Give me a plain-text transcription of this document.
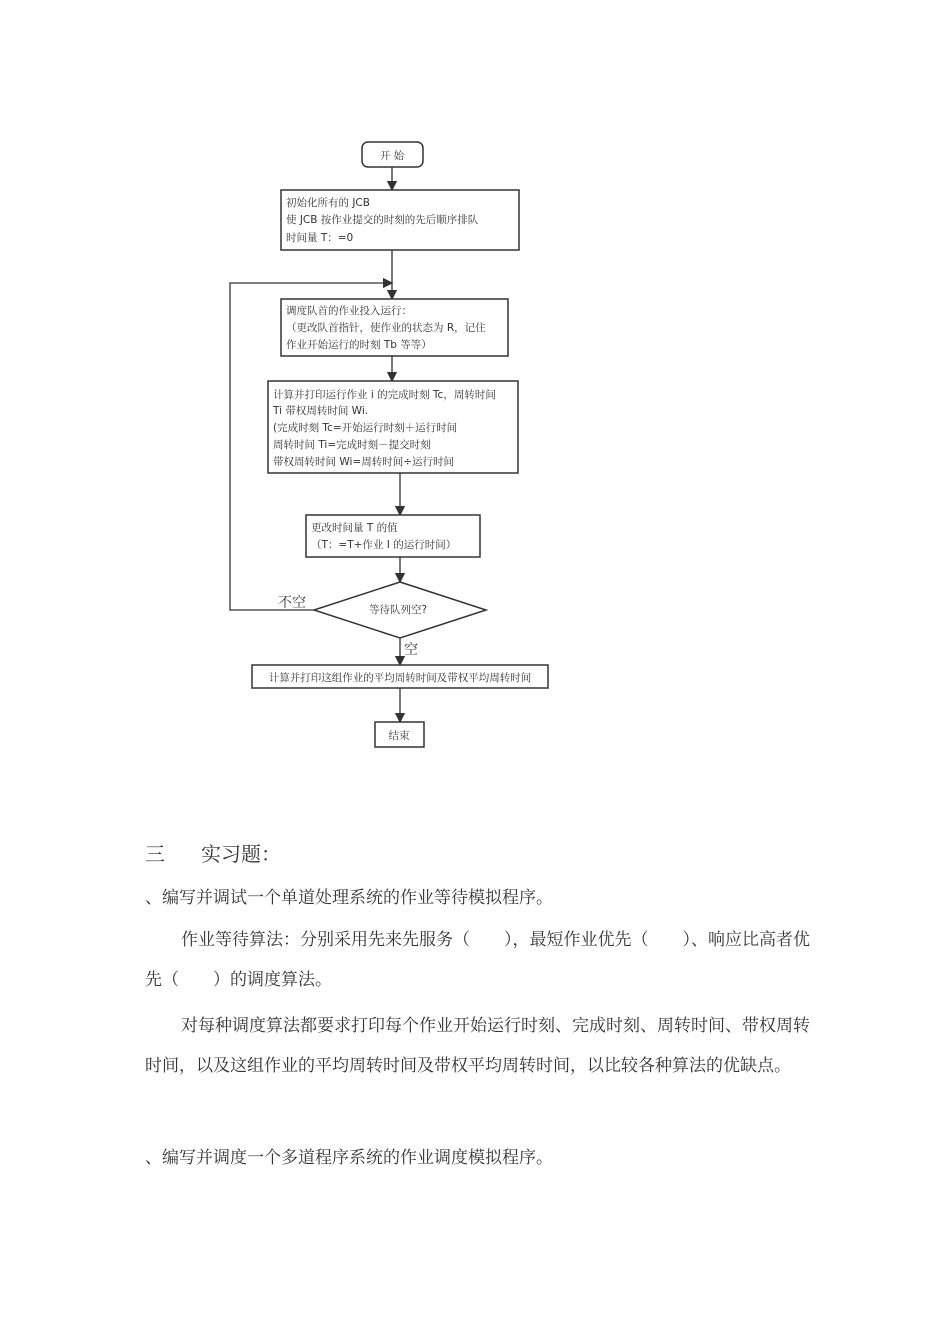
开 始
初始化所有的 JCB
使 JCB 按作业提交的时刻的先后顺序排队
时间量 T：=0
调度队首的作业投入运行：
（更改队首指针，使作业的状态为 R，记住
作业开始运行的时刻 Tb 等等）
计算并打印运行作业 i 的完成时刻 Tc，周转时间
Ti 带权周转时间 Wi.
(完成时刻 Tc=开始运行时刻＋运行时间
周转时间 Ti=完成时刻－提交时刻
带权周转时间 Wi=周转时间÷运行时间
更改时间量 T 的值
（T：=T+作业 I 的运行时间）
等待队列空?
不空
空
计算并打印这组作业的平均周转时间及带权平均周转时间
结束
三 实习题：
、编写并调试一个单道处理系统的作业等待模拟程序。
作业等待算法：分别采用先来先服务（　　），最短作业优先（　　）、响应比高者优先（　　）的调度算法。
对每种调度算法都要求打印每个作业开始运行时刻、完成时刻、周转时间、带权周转时间，以及这组作业的平均周转时间及带权平均周转时间，以比较各种算法的优缺点。
、编写并调度一个多道程序系统的作业调度模拟程序。
